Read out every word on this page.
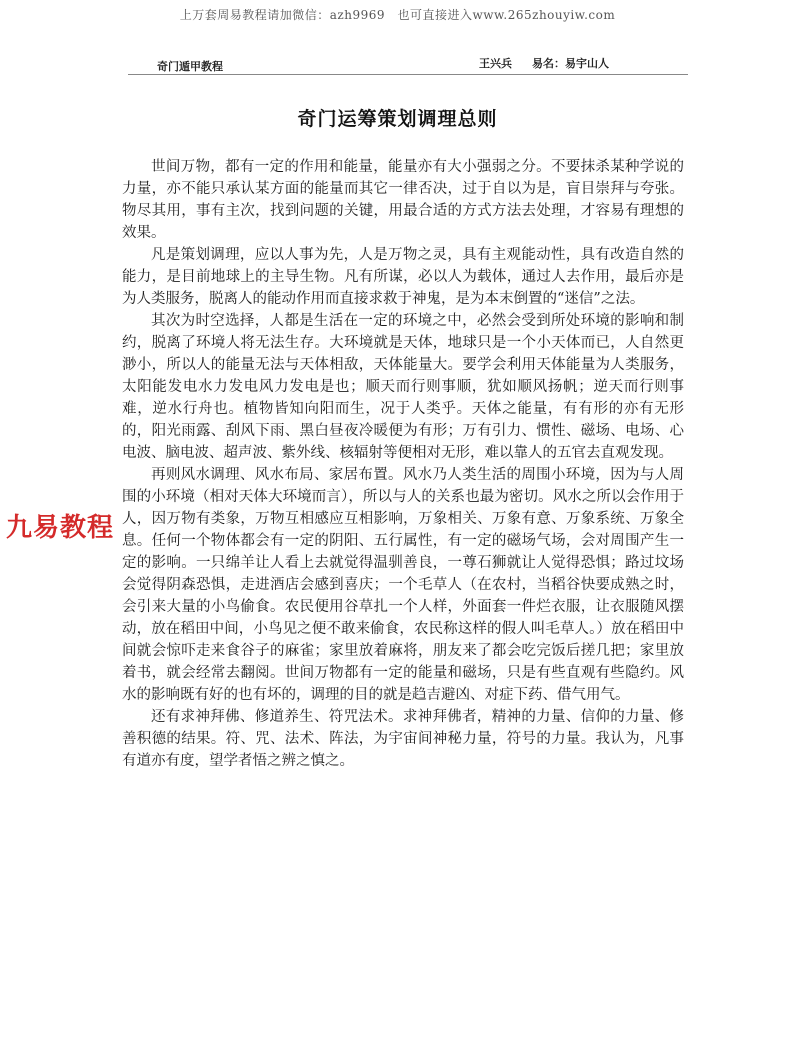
上万套周易教程请加微信：azh9969　也可直接进入www.265zhouyiw.com
奇门遁甲教程	王兴兵 易名：易宇山人
奇门运筹策划调理总则

世间万物，都有一定的作用和能量，能量亦有大小强弱之分。不要抹杀某种学说的力量，亦不能只承认某方面的能量而其它一律否决，过于自以为是，盲目崇拜与夸张。物尽其用，事有主次，找到问题的关键，用最合适的方式方法去处理，才容易有理想的效果。

凡是策划调理，应以人事为先，人是万物之灵，具有主观能动性，具有改造自然的能力，是目前地球上的主导生物。凡有所谋，必以人为载体，通过人去作用，最后亦是为人类服务，脱离人的能动作用而直接求救于神鬼，是为本末倒置的“迷信”之法。

其次为时空选择，人都是生活在一定的环境之中，必然会受到所处环境的影响和制约，脱离了环境人将无法生存。大环境就是天体，地球只是一个小天体而已，人自然更渺小，所以人的能量无法与天体相敌，天体能量大。要学会利用天体能量为人类服务，太阳能发电水力发电风力发电是也；顺天而行则事顺，犹如顺风扬帆；逆天而行则事难，逆水行舟也。植物皆知向阳而生，况于人类乎。天体之能量，有有形的亦有无形的，阳光雨露、刮风下雨、黑白昼夜冷暖便为有形；万有引力、惯性、磁场、电场、心电波、脑电波、超声波、紫外线、核辐射等便相对无形，难以靠人的五官去直观发现。

再则风水调理、风水布局、家居布置。风水乃人类生活的周围小环境，因为与人周围的小环境（相对天体大环境而言），所以与人的关系也最为密切。风水之所以会作用于人，因万物有类象，万物互相感应互相影响，万象相关、万象有意、万象系统、万象全息。任何一个物体都会有一定的阴阳、五行属性，有一定的磁场气场，会对周围产生一定的影响。一只绵羊让人看上去就觉得温驯善良，一尊石狮就让人觉得恐惧；路过坟场会觉得阴森恐惧，走进酒店会感到喜庆；一个毛草人（在农村，当稻谷快要成熟之时，会引来大量的小鸟偷食。农民便用谷草扎一个人样，外面套一件烂衣服，让衣服随风摆动，放在稻田中间，小鸟见之便不敢来偷食，农民称这样的假人叫毛草人。）放在稻田中间就会惊吓走来食谷子的麻雀；家里放着麻将，朋友来了都会吃完饭后搓几把；家里放着书，就会经常去翻阅。世间万物都有一定的能量和磁场，只是有些直观有些隐约。风水的影响既有好的也有坏的，调理的目的就是趋吉避凶、对症下药、借气用气。

还有求神拜佛、修道养生、符咒法术。求神拜佛者，精神的力量、信仰的力量、修善积德的结果。符、咒、法术、阵法，为宇宙间神秘力量，符号的力量。我认为，凡事有道亦有度，望学者悟之辨之慎之。

九易教程
